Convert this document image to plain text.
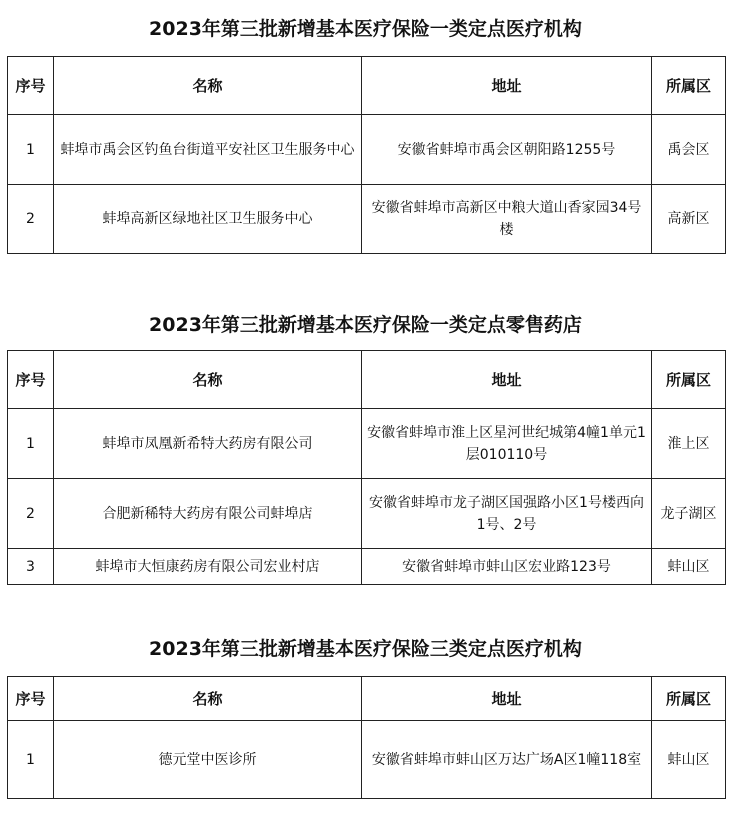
2023年第三批新增基本医疗保险一类定点医疗机构
序号	名称	地址	所属区
1	蚌埠市禹会区钓鱼台街道平安社区卫生服务中心	安徽省蚌埠市禹会区朝阳路1255号	禹会区
2	蚌埠高新区绿地社区卫生服务中心	安徽省蚌埠市高新区中粮大道山香家园34号楼	高新区
2023年第三批新增基本医疗保险一类定点零售药店
序号	名称	地址	所属区
1	蚌埠市凤凰新希特大药房有限公司	安徽省蚌埠市淮上区星河世纪城第4幢1单元1层010110号	淮上区
2	合肥新稀特大药房有限公司蚌埠店	安徽省蚌埠市龙子湖区国强路小区1号楼西向1号、2号	龙子湖区
3	蚌埠市大恒康药房有限公司宏业村店	安徽省蚌埠市蚌山区宏业路123号	蚌山区
2023年第三批新增基本医疗保险三类定点医疗机构
序号	名称	地址	所属区
1	德元堂中医诊所	安徽省蚌埠市蚌山区万达广场A区1幢118室	蚌山区
